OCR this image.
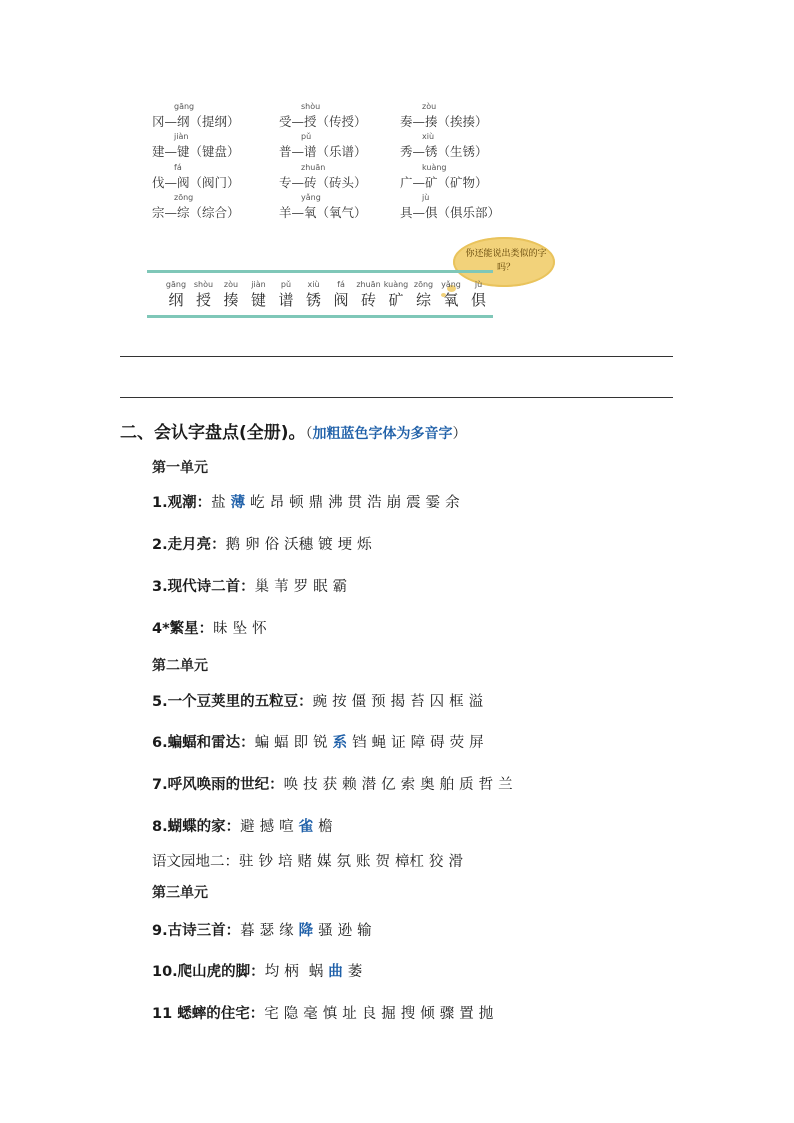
gāng
冈—纲（提纲）
shòu
受—授（传授）
zòu
奏—揍（挨揍）
jiàn
建—键（键盘）
pǔ
普—谱（乐谱）
xiù
秀—锈（生锈）
fá
伐—阀（阀门）
zhuān
专—砖（砖头）
kuàng
广—矿（矿物）
zōng
宗—综（综合）
yǎng
羊—氧（氧气）
jù
具—俱（俱乐部）
你还能说出类似的字吗？
gāng
纲
shòu
授
zòu
揍
jiàn
键
pǔ
谱
xiù
锈
fá
阀
zhuān
砖
kuàng
矿
zōng
综
yǎng
氧
jù
俱
二、会认字盘点(全册)。（加粗蓝色字体为多音字）
第一单元
第二单元
第三单元
1.观潮：盐 薄 屹 昂 顿 鼎 沸 贯 浩 崩 震 霎 余
2.走月亮：鹅 卵 俗 沃穗 镀 埂 烁
3.现代诗二首：巢 苇 罗 眠 霸
4*繁星：昧 坠 怀
5.一个豆荚里的五粒豆：豌 按 僵 预 揭 苔 囚 框 溢
6.蝙蝠和雷达：蝙 蝠 即 锐 系 铛 蝇 证 障 碍 荧 屏
7.呼风唤雨的世纪：唤 技 获 赖 潜 亿 索 奥 舶 质 哲 兰
8.蝴蝶的家：避 撼 喧 雀 檐
语文园地二：驻 钞 培 赌 媒 氛 账 贺 樟杠 狡 滑
9.古诗三首：暮 瑟 缘 降 骚 逊 输
10.爬山虎的脚：均 柄 蜗 曲 萎
11 蟋蟀的住宅：宅 隐 毫 慎 址 良 掘 搜 倾 骤 置 抛
